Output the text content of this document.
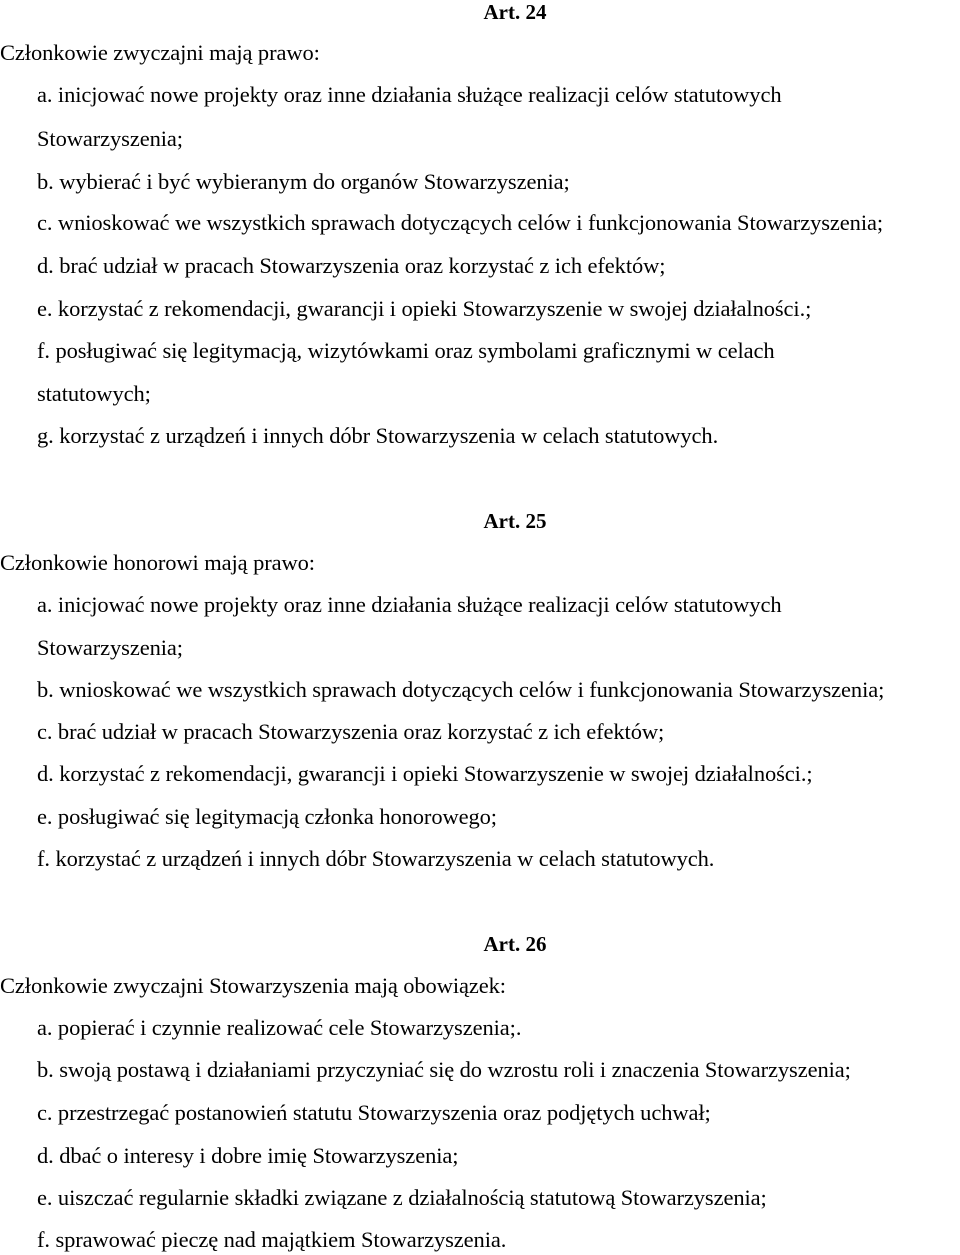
Art. 24
Członkowie zwyczajni mają prawo:
a. inicjować nowe projekty oraz inne działania służące realizacji celów statutowych
Stowarzyszenia;
b. wybierać i być wybieranym do organów Stowarzyszenia;
c. wnioskować we wszystkich sprawach dotyczących celów i funkcjonowania Stowarzyszenia;
d. brać udział w pracach Stowarzyszenia oraz korzystać z ich efektów;
e. korzystać z rekomendacji, gwarancji i opieki Stowarzyszenie w swojej działalności.;
f. posługiwać się legitymacją, wizytówkami oraz symbolami graficznymi w celach
statutowych;
g. korzystać z urządzeń i innych dóbr Stowarzyszenia w celach statutowych.
Art. 25
Członkowie honorowi mają prawo:
a. inicjować nowe projekty oraz inne działania służące realizacji celów statutowych
Stowarzyszenia;
b. wnioskować we wszystkich sprawach dotyczących celów i funkcjonowania Stowarzyszenia;
c. brać udział w pracach Stowarzyszenia oraz korzystać z ich efektów;
d. korzystać z rekomendacji, gwarancji i opieki Stowarzyszenie w swojej działalności.;
e. posługiwać się legitymacją członka honorowego;
f. korzystać z urządzeń i innych dóbr Stowarzyszenia w celach statutowych.
Art. 26
Członkowie zwyczajni Stowarzyszenia mają obowiązek:
a. popierać i czynnie realizować cele Stowarzyszenia;.
b. swoją postawą i działaniami przyczyniać się do wzrostu roli i znaczenia Stowarzyszenia;
c. przestrzegać postanowień statutu Stowarzyszenia oraz podjętych uchwał;
d. dbać o interesy i dobre imię Stowarzyszenia;
e. uiszczać regularnie składki związane z działalnością statutową Stowarzyszenia;
f. sprawować pieczę nad majątkiem Stowarzyszenia.
